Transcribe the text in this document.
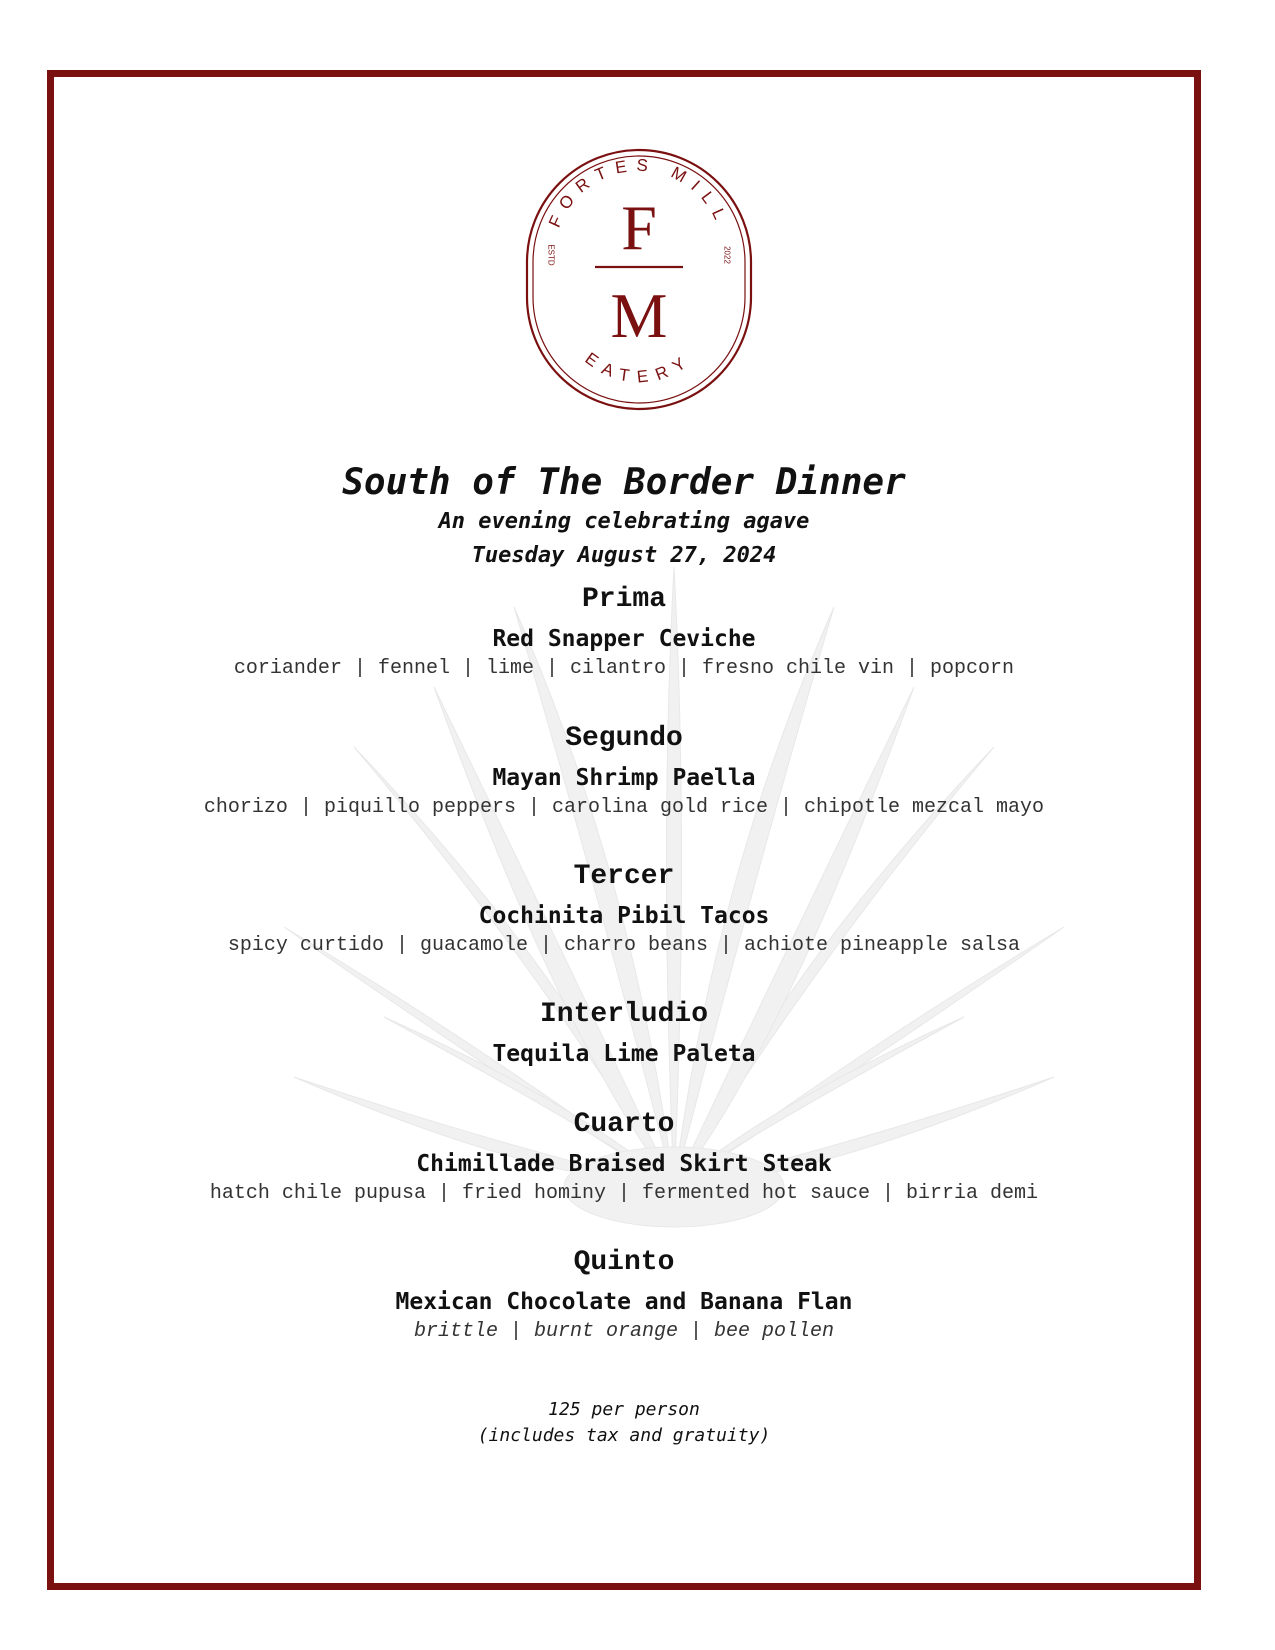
FORTES MILL
EATERY
F
M
ESTD	2022
South of The Border Dinner
An evening celebrating agave
Tuesday August 27, 2024
Prima
Red Snapper Ceviche
coriander | fennel | lime | cilantro | fresno chile vin | popcorn
Segundo
Mayan Shrimp Paella
chorizo | piquillo peppers | carolina gold rice | chipotle mezcal mayo
Tercer
Cochinita Pibil Tacos
spicy curtido | guacamole | charro beans | achiote pineapple salsa
Interludio
Tequila Lime Paleta
Cuarto
Chimillade Braised Skirt Steak
hatch chile pupusa | fried hominy | fermented hot sauce | birria demi
Quinto
Mexican Chocolate and Banana Flan
brittle | burnt orange | bee pollen
125 per person
(includes tax and gratuity)
